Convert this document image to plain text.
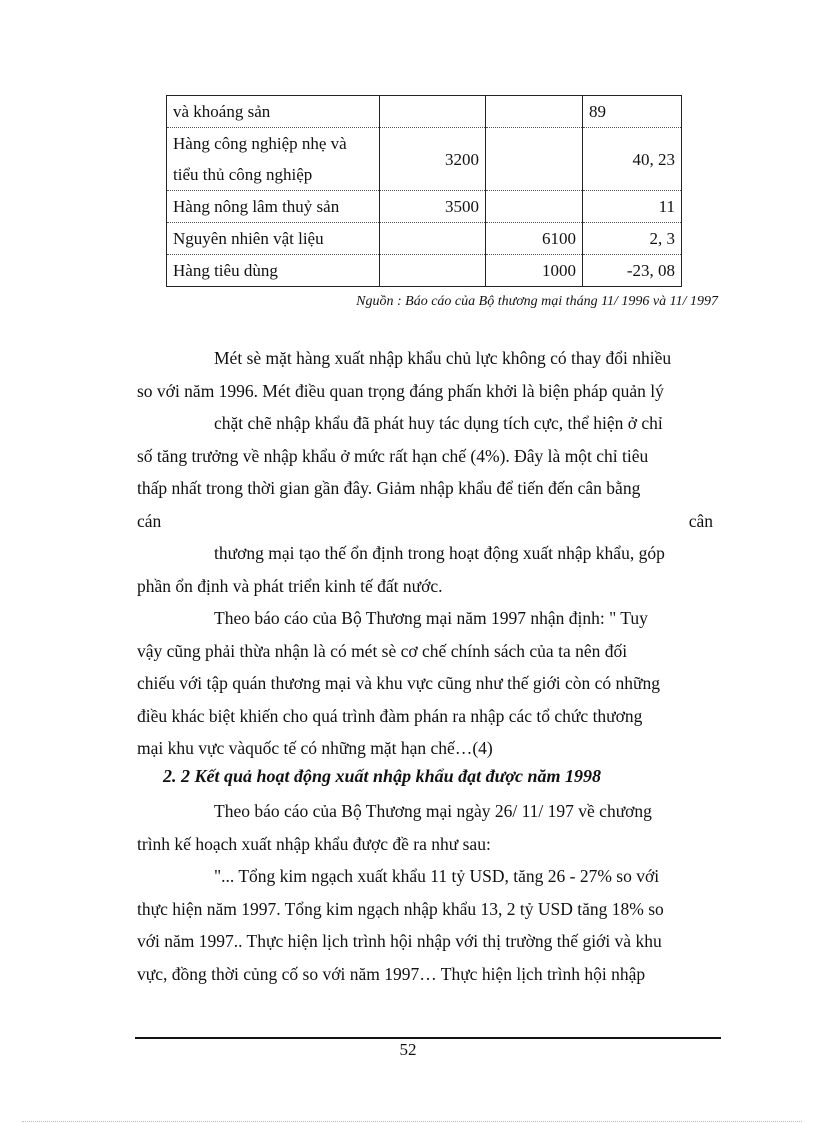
và khoáng sản			89
Hàng công nghiệp nhẹ và
tiểu thủ công nghiệp	3200		40, 23
Hàng nông lâm thuỷ sản	3500		11
Nguyên nhiên vật liệu		6100	2, 3
Hàng tiêu dùng		1000	-23, 08
Nguồn : Báo cáo của Bộ thương mại tháng 11/ 1996 và 11/ 1997
Mét sè mặt hàng xuất nhập khẩu chủ lực không có thay đổi nhiều
so với năm 1996. Mét điều quan trọng đáng phấn khởi là biện pháp quản lý
chặt chẽ nhập khẩu đã phát huy tác dụng tích cực, thể hiện ở chỉ
số tăng trưởng về nhập khẩu ở mức rất hạn chế (4%). Đây là một chỉ tiêu
thấp nhất trong thời gian gần đây. Giảm nhập khẩu để tiến đến cân bằng
cán	cân
thương mại tạo thế ổn định trong hoạt động xuất nhập khẩu, góp
phần ổn định và phát triển kinh tế đất nước.
Theo báo cáo của Bộ Thương mại năm 1997 nhận định: " Tuy
vậy cũng phải thừa nhận là có mét sè cơ chế chính sách của ta nên đối
chiếu với tập quán thương mại và khu vực cũng như thế giới còn có những
điều khác biệt khiến cho quá trình đàm phán ra nhập các tổ chức thương
mại khu vực vàquốc tế có những mặt hạn chế…(4)
2. 2 Kết quả hoạt động xuất nhập khẩu đạt được năm 1998
Theo báo cáo của Bộ Thương mại ngày 26/ 11/ 197 về chương
trình kế hoạch xuất nhập khẩu được đề ra như sau:
"... Tổng kim ngạch xuất khẩu 11 tỷ USD, tăng 26 - 27% so với
thực hiện năm 1997. Tổng kim ngạch nhập khẩu 13, 2 tỷ USD tăng 18% so
với năm 1997.. Thực hiện lịch trình hội nhập với thị trường thế giới và khu
vực, đồng thời củng cố so với năm 1997… Thực hiện lịch trình hội nhập
52
